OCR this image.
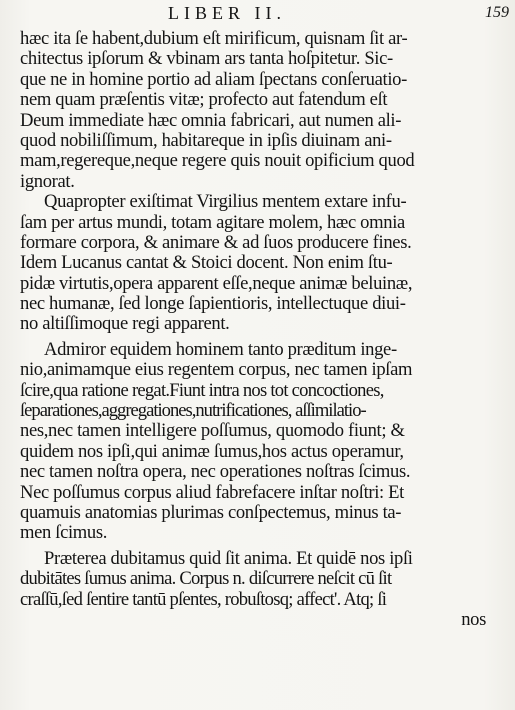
LIBER II.	159
hæc ita ſe habent,dubium eſt mirificum, quisnam ſit ar-
chitectus ipſorum & vbinam ars tanta hoſpitetur. Sic-
que ne in homine portio ad aliam ſpectans conſeruatio-
nem quam præſentis vitæ; profecto aut fatendum eſt
Deum immediate hæc omnia fabricari, aut numen ali-
quod nobiliſſimum, habitareque in ipſis diuinam ani-
mam,regereque,neque regere quis nouit opificium quod
ignorat.
Quapropter exiſtimat Virgilius mentem extare infu-
ſam per artus mundi, totam agitare molem, hæc omnia
formare corpora, & animare & ad ſuos producere fines.
Idem Lucanus cantat & Stoici docent. Non enim ſtu-
pidæ virtutis,opera apparent eſſe,neque animæ beluinæ,
nec humanæ, ſed longe ſapientioris, intellectuque diui-
no altiſſimoque regi apparent.
Admiror equidem hominem tanto præditum inge-
nio,animamque eius regentem corpus, nec tamen ipſam
ſcire,qua ratione regat.Fiunt intra nos tot concoctiones,
ſeparationes,aggregationes,nutrificationes, aſſimilatio-
nes,nec tamen intelligere poſſumus, quomodo fiunt; &
quidem nos ipſi,qui animæ ſumus,hos actus operamur,
nec tamen noſtra opera, nec operationes noſtras ſcimus.
Nec poſſumus corpus aliud fabrefacere inſtar noſtri: Et
quamuis anatomias plurimas conſpectemus, minus ta-
men ſcimus.
Præterea dubitamus quid ſit anima. Et quidē nos ipſi
dubitātes ſumus anima. Corpus n. diſcurrere neſcit cū ſit
craſſū,ſed ſentire tantū pſentes, robuſtosq; affect'. Atq; ſi
nos
